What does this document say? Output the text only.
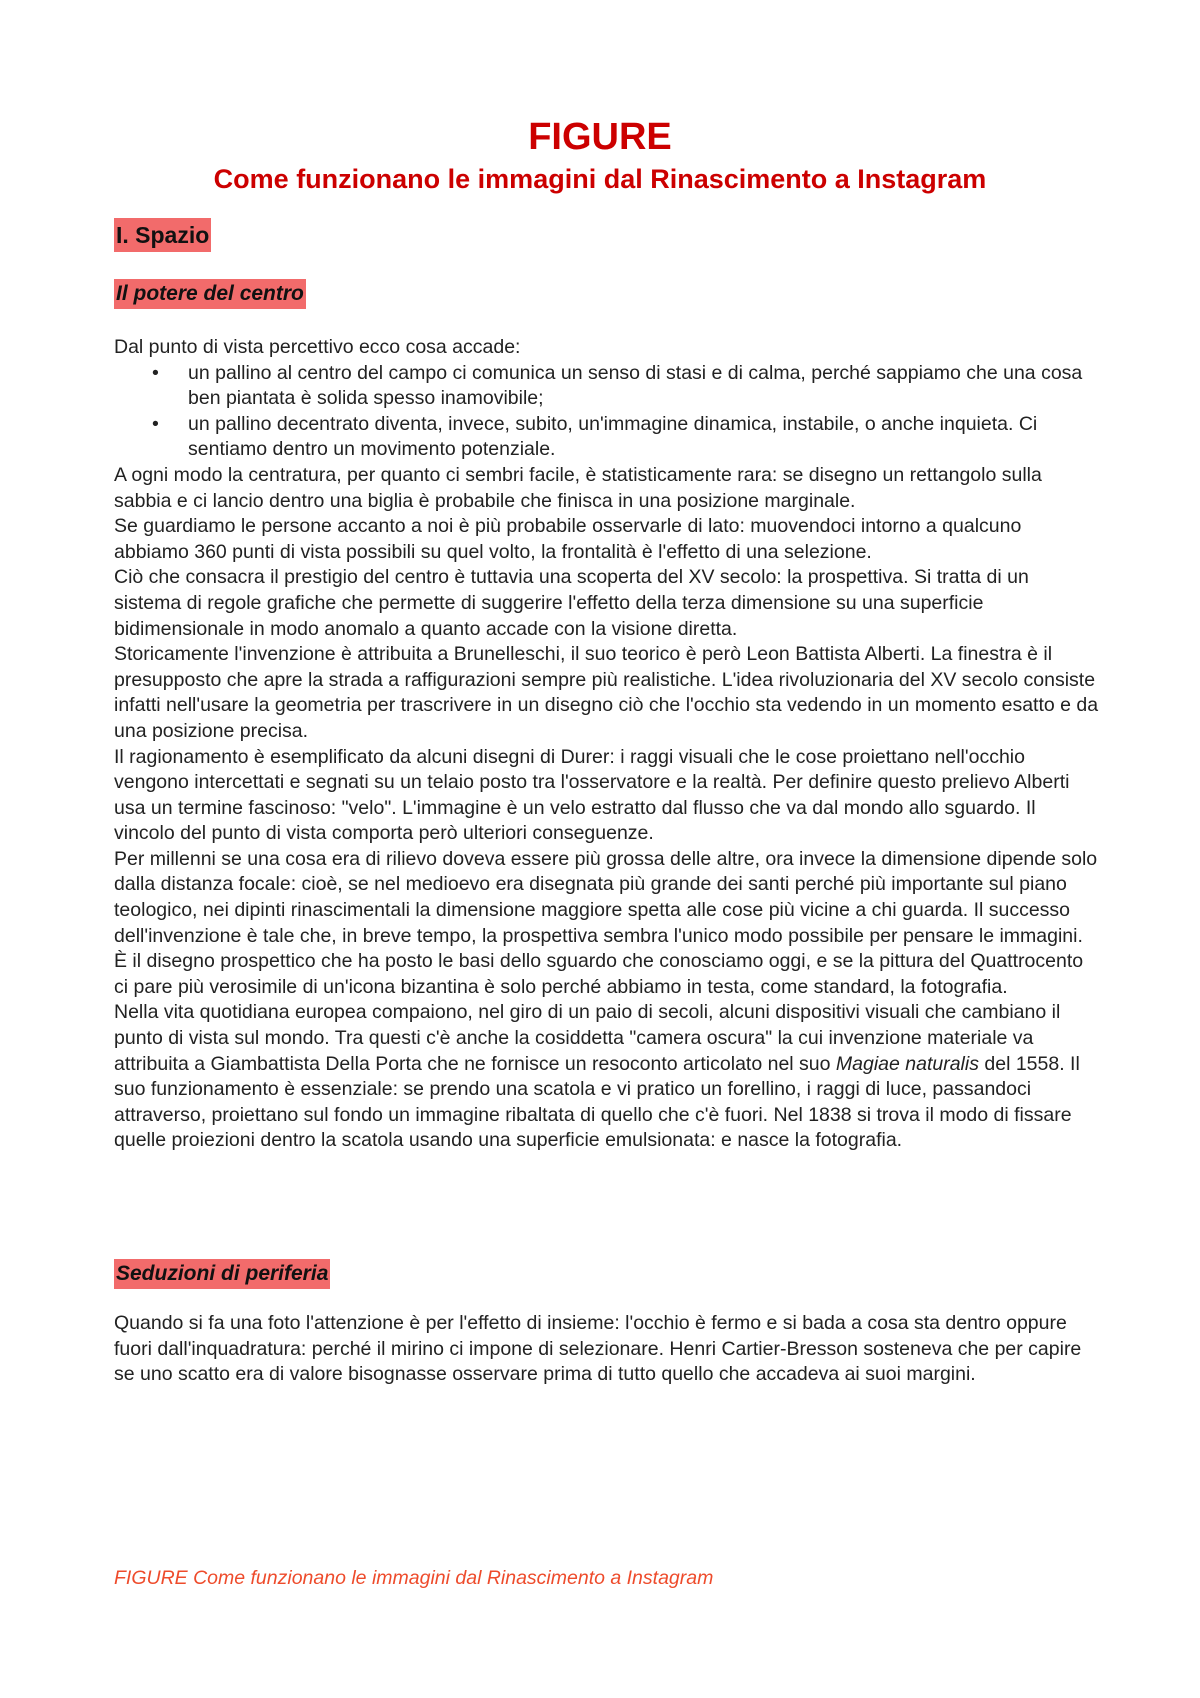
FIGURE
Come funzionano le immagini dal Rinascimento a Instagram
I. Spazio
Il potere del centro

Dal punto di vista percettivo ecco cosa accade:

• un pallino al centro del campo ci comunica un senso di stasi e di calma, perché sappiamo che una cosa ben piantata è solida spesso inamovibile;
• un pallino decentrato diventa, invece, subito, un'immagine dinamica, instabile, o anche inquieta. Ci sentiamo dentro un movimento potenziale.

A ogni modo la centratura, per quanto ci sembri facile, è statisticamente rara: se disegno un rettangolo sulla sabbia e ci lancio dentro una biglia è probabile che finisca in una posizione marginale.

Se guardiamo le persone accanto a noi è più probabile osservarle di lato: muovendoci intorno a qualcuno abbiamo 360 punti di vista possibili su quel volto, la frontalità è l'effetto di una selezione.

Ciò che consacra il prestigio del centro è tuttavia una scoperta del XV secolo: la prospettiva. Si tratta di un sistema di regole grafiche che permette di suggerire l'effetto della terza dimensione su una superficie bidimensionale in modo anomalo a quanto accade con la visione diretta.

Storicamente l'invenzione è attribuita a Brunelleschi, il suo teorico è però Leon Battista Alberti. La finestra è il presupposto che apre la strada a raffigurazioni sempre più realistiche. L'idea rivoluzionaria del XV secolo consiste infatti nell'usare la geometria per trascrivere in un disegno ciò che l'occhio sta vedendo in un momento esatto e da una posizione precisa.

Il ragionamento è esemplificato da alcuni disegni di Durer: i raggi visuali che le cose proiettano nell'occhio vengono intercettati e segnati su un telaio posto tra l'osservatore e la realtà. Per definire questo prelievo Alberti usa un termine fascinoso: "velo". L'immagine è un velo estratto dal flusso che va dal mondo allo sguardo. Il vincolo del punto di vista comporta però ulteriori conseguenze.

Per millenni se una cosa era di rilievo doveva essere più grossa delle altre, ora invece la dimensione dipende solo dalla distanza focale: cioè, se nel medioevo era disegnata più grande dei santi perché più importante sul piano teologico, nei dipinti rinascimentali la dimensione maggiore spetta alle cose più vicine a chi guarda. Il successo dell'invenzione è tale che, in breve tempo, la prospettiva sembra l'unico modo possibile per pensare le immagini. È il disegno prospettico che ha posto le basi dello sguardo che conosciamo oggi, e se la pittura del Quattrocento ci pare più verosimile di un'icona bizantina è solo perché abbiamo in testa, come standard, la fotografia.

Nella vita quotidiana europea compaiono, nel giro di un paio di secoli, alcuni dispositivi visuali che cambiano il punto di vista sul mondo. Tra questi c'è anche la cosiddetta "camera oscura" la cui invenzione materiale va attribuita a Giambattista Della Porta che ne fornisce un resoconto articolato nel suo Magiae naturalis del 1558. Il suo funzionamento è essenziale: se prendo una scatola e vi pratico un forellino, i raggi di luce, passandoci attraverso, proiettano sul fondo un immagine ribaltata di quello che c'è fuori. Nel 1838 si trova il modo di fissare quelle proiezioni dentro la scatola usando una superficie emulsionata: e nasce la fotografia.

Seduzioni di periferia

Quando si fa una foto l'attenzione è per l'effetto di insieme: l'occhio è fermo e si bada a cosa sta dentro oppure fuori dall'inquadratura: perché il mirino ci impone di selezionare. Henri Cartier-Bresson sosteneva che per capire se uno scatto era di valore bisognasse osservare prima di tutto quello che accadeva ai suoi margini.

FIGURE Come funzionano le immagini dal Rinascimento a Instagram
